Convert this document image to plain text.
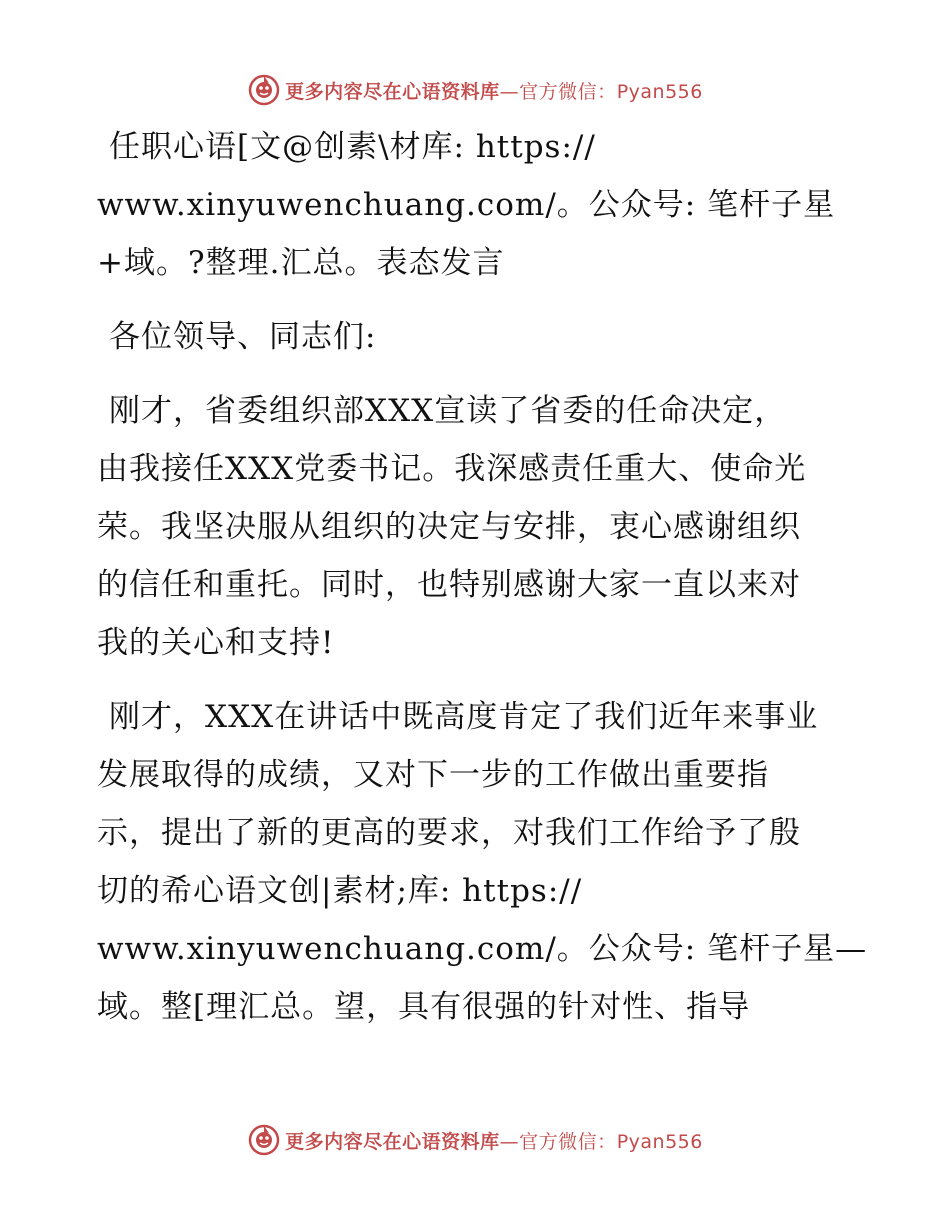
更多内容尽在心语资料库—官方微信：Pyan556
任职心语[文@创素\材库: https://
www.xinyuwenchuang.com/。公众号: 笔杆子星
+域。?整理.汇总。表态发言
各位领导、同志们:
刚才，省委组织部XXX宣读了省委的任命决定，
由我接任XXX党委书记。我深感责任重大、使命光
荣。我坚决服从组织的决定与安排，衷心感谢组织
的信任和重托。同时，也特别感谢大家一直以来对
我的关心和支持!
刚才，XXX在讲话中既高度肯定了我们近年来事业
发展取得的成绩，又对下一步的工作做出重要指
示，提出了新的更高的要求，对我们工作给予了殷
切的希心语文创|素材;库: https://
www.xinyuwenchuang.com/。公众号: 笔杆子星—
域。整[理汇总。望，具有很强的针对性、指导
更多内容尽在心语资料库—官方微信：Pyan556
